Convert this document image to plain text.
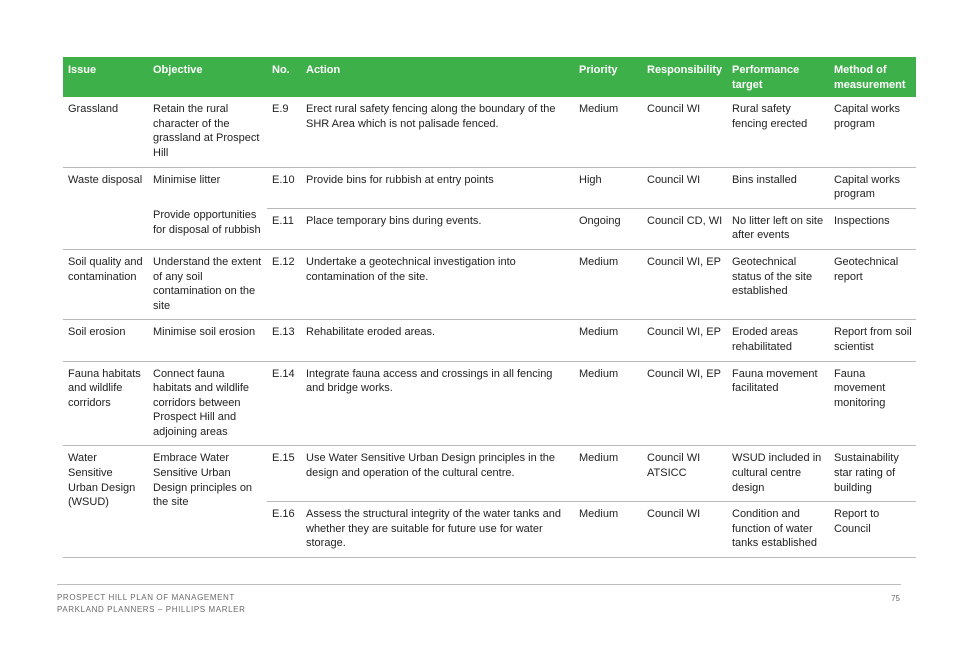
Issue	Objective	No.	Action	Priority	Responsibility	Performance target	Method of measurement
Grassland	Retain the rural character of the grassland at Prospect Hill	E.9	Erect rural safety fencing along the boundary of the SHR Area which is not palisade fenced.	Medium	Council WI	Rural safety fencing erected	Capital works program
Waste disposal	Minimise litter	E.10	Provide bins for rubbish at entry points	High	Council WI	Bins installed	Capital works program
	Provide opportunities for disposal of rubbish	E.11	Place temporary bins during events.	Ongoing	Council CD, WI	No litter left on site after events	Inspections
Soil quality and contamination	Understand the extent of any soil contamination on the site	E.12	Undertake a geotechnical investigation into contamination of the site.	Medium	Council WI, EP	Geotechnical status of the site established	Geotechnical report
Soil erosion	Minimise soil erosion	E.13	Rehabilitate eroded areas.	Medium	Council WI, EP	Eroded areas rehabilitated	Report from soil scientist
Fauna habitats and wildlife corridors	Connect fauna habitats and wildlife corridors between Prospect Hill and adjoining areas	E.14	Integrate fauna access and crossings in all fencing and bridge works.	Medium	Council WI, EP	Fauna movement facilitated	Fauna movement monitoring
Water Sensitive Urban Design (WSUD)	Embrace Water Sensitive Urban Design principles on the site	E.15	Use Water Sensitive Urban Design principles in the design and operation of the cultural centre.	Medium	Council WI ATSICC	WSUD included in cultural centre design	Sustainability star rating of building
		E.16	Assess the structural integrity of the water tanks and whether they are suitable for future use for water storage.	Medium	Council WI	Condition and function of water tanks established	Report to Council
PROSPECT HILL PLAN OF MANAGEMENT
PARKLAND PLANNERS – PHILLIPS MARLER
75
